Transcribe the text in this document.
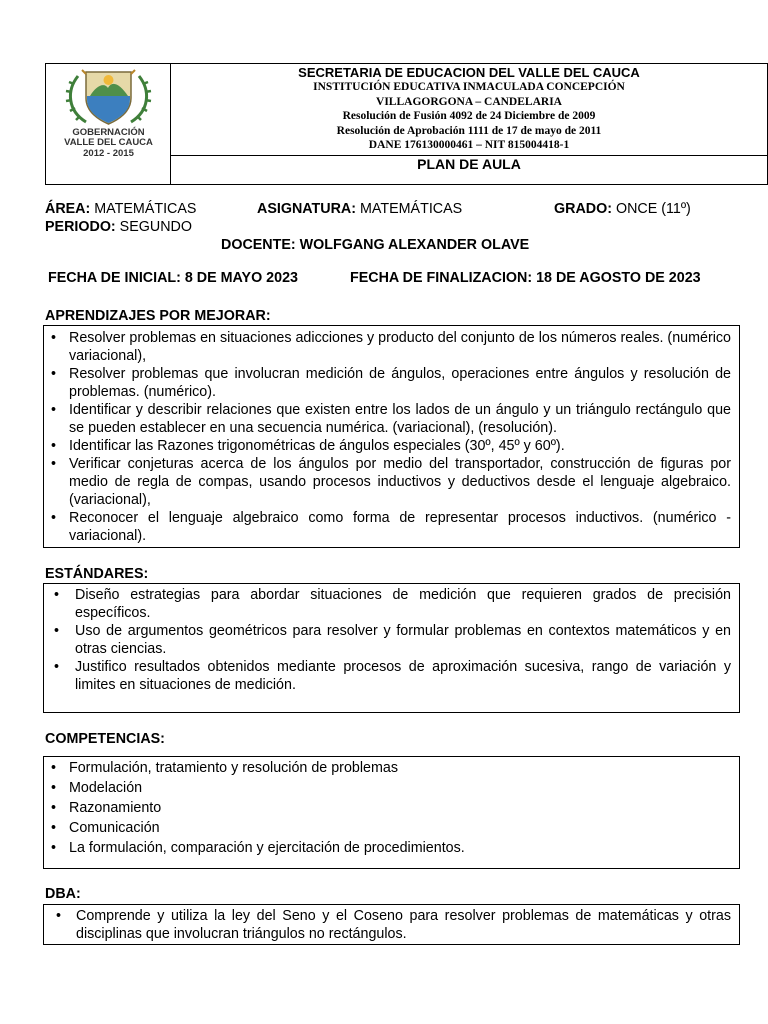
GOBERNACIÓN
VALLE DEL CAUCA
2012 - 2015
SECRETARIA DE EDUCACION DEL VALLE DEL CAUCA
INSTITUCIÓN EDUCATIVA INMACULADA CONCEPCIÓN
VILLAGORGONA – CANDELARIA
Resolución de Fusión 4092 de 24 Diciembre de 2009
Resolución de Aprobación 1111 de 17 de mayo de 2011
DANE 176130000461 – NIT 815004418-1
PLAN DE AULA
ÁREA: MATEMÁTICAS	ASIGNATURA: MATEMÁTICAS	GRADO: ONCE (11º)
PERIODO: SEGUNDO
DOCENTE: WOLFGANG ALEXANDER OLAVE
FECHA DE INICIAL: 8 DE MAYO 2023	FECHA DE FINALIZACION: 18 DE AGOSTO DE 2023
APRENDIZAJES POR MEJORAR:
• Resolver problemas en situaciones adicciones y producto del conjunto de los números reales. (numérico variacional),
• Resolver problemas que involucran medición de ángulos, operaciones entre ángulos y resolución de problemas. (numérico).
• Identificar y describir relaciones que existen entre los lados de un ángulo y un triángulo rectángulo que se pueden establecer en una secuencia numérica. (variacional), (resolución).
• Identificar las Razones trigonométricas de ángulos especiales (30º, 45º y 60º).
• Verificar conjeturas acerca de los ángulos por medio del transportador, construcción de figuras por medio de regla de compas, usando procesos inductivos y deductivos desde el lenguaje algebraico. (variacional),
• Reconocer el lenguaje algebraico como forma de representar procesos inductivos. (numérico - variacional).
ESTÁNDARES:
• Diseño estrategias para abordar situaciones de medición que requieren grados de precisión específicos.
• Uso de argumentos geométricos para resolver y formular problemas en contextos matemáticos y en otras ciencias.
• Justifico resultados obtenidos mediante procesos de aproximación sucesiva, rango de variación y limites en situaciones de medición.
COMPETENCIAS:
• Formulación, tratamiento y resolución de problemas
• Modelación
• Razonamiento
• Comunicación
• La formulación, comparación y ejercitación de procedimientos.
DBA:
• Comprende y utiliza la ley del Seno y el Coseno para resolver problemas de matemáticas y otras disciplinas que involucran triángulos no rectángulos.
